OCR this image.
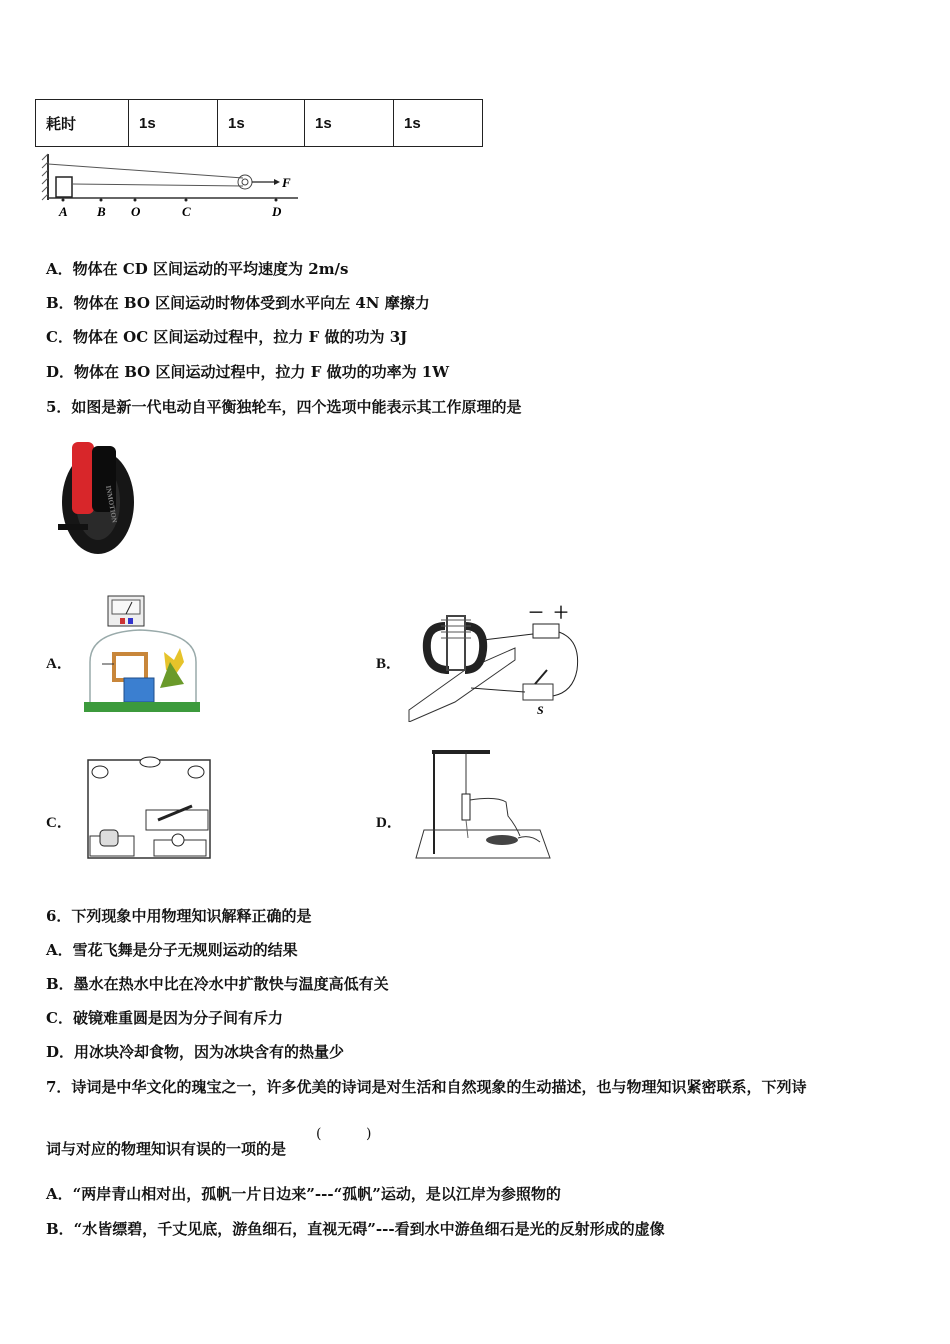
耗时	1s	1s	1s	1s
F
A B O	C	D
A．物体在 CD 区间运动的平均速度为 2m/s
B．物体在 BO 区间运动时物体受到水平向左 4N 摩擦力
C．物体在 OC 区间运动过程中，拉力 F 做的功为 3J
D．物体在 BO 区间运动过程中，拉力 F 做功的功率为 1W
5．如图是新一代电动自平衡独轮车，四个选项中能表示其工作原理的是
INMOTION
A．	B．
－ ＋
S
C．	D．
6．下列现象中用物理知识解释正确的是
A．雪花飞舞是分子无规则运动的结果
B．墨水在热水中比在冷水中扩散快与温度高低有关
C．破镜难重圆是因为分子间有斥力
D．用冰块冷却食物，因为冰块含有的热量少
7．诗词是中华文化的瑰宝之一，许多优美的诗词是对生活和自然现象的生动描述，也与物理知识紧密联系，下列诗
词与对应的物理知识有误的一项的是
(          )
A．“两岸青山相对出，孤帆一片日边来”---“孤帆”运动，是以江岸为参照物的
B．“水皆缥碧，千丈见底，游鱼细石，直视无碍”---看到水中游鱼细石是光的反射形成的虚像
